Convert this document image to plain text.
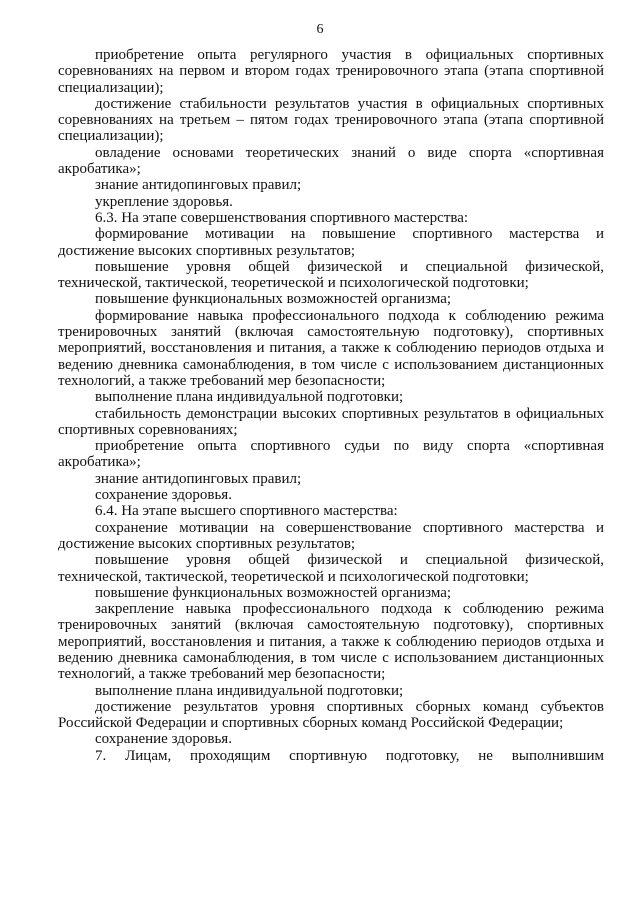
6

приобретение опыта регулярного участия в официальных спортивных соревнованиях на первом и втором годах тренировочного этапа (этапа спортивной специализации);

достижение стабильности результатов участия в официальных спортивных соревнованиях на третьем – пятом годах тренировочного этапа (этапа спортивной специализации);

овладение основами теоретических знаний о виде спорта «спортивная акробатика»;

знание антидопинговых правил;

укрепление здоровья.

6.3. На этапе совершенствования спортивного мастерства:

формирование мотивации на повышение спортивного мастерства и достижение высоких спортивных результатов;

повышение уровня общей физической и специальной физической, технической, тактической, теоретической и психологической подготовки;

повышение функциональных возможностей организма;

формирование навыка профессионального подхода к соблюдению режима тренировочных занятий (включая самостоятельную подготовку), спортивных мероприятий, восстановления и питания, а также к соблюдению периодов отдыха и ведению дневника самонаблюдения, в том числе с использованием дистанционных технологий, а также требований мер безопасности;

выполнение плана индивидуальной подготовки;

стабильность демонстрации высоких спортивных результатов в официальных спортивных соревнованиях;

приобретение опыта спортивного судьи по виду спорта «спортивная акробатика»;

знание антидопинговых правил;

сохранение здоровья.

6.4. На этапе высшего спортивного мастерства:

сохранение мотивации на совершенствование спортивного мастерства и достижение высоких спортивных результатов;

повышение уровня общей физической и специальной физической, технической, тактической, теоретической и психологической подготовки;

повышение функциональных возможностей организма;

закрепление навыка профессионального подхода к соблюдению режима тренировочных занятий (включая самостоятельную подготовку), спортивных мероприятий, восстановления и питания, а также к соблюдению периодов отдыха и ведению дневника самонаблюдения, в том числе с использованием дистанционных технологий, а также требований мер безопасности;

выполнение плана индивидуальной подготовки;

достижение результатов уровня спортивных сборных команд субъектов Российской Федерации и спортивных сборных команд Российской Федерации;

сохранение здоровья.

7. Лицам, проходящим спортивную подготовку, не выполнившим
